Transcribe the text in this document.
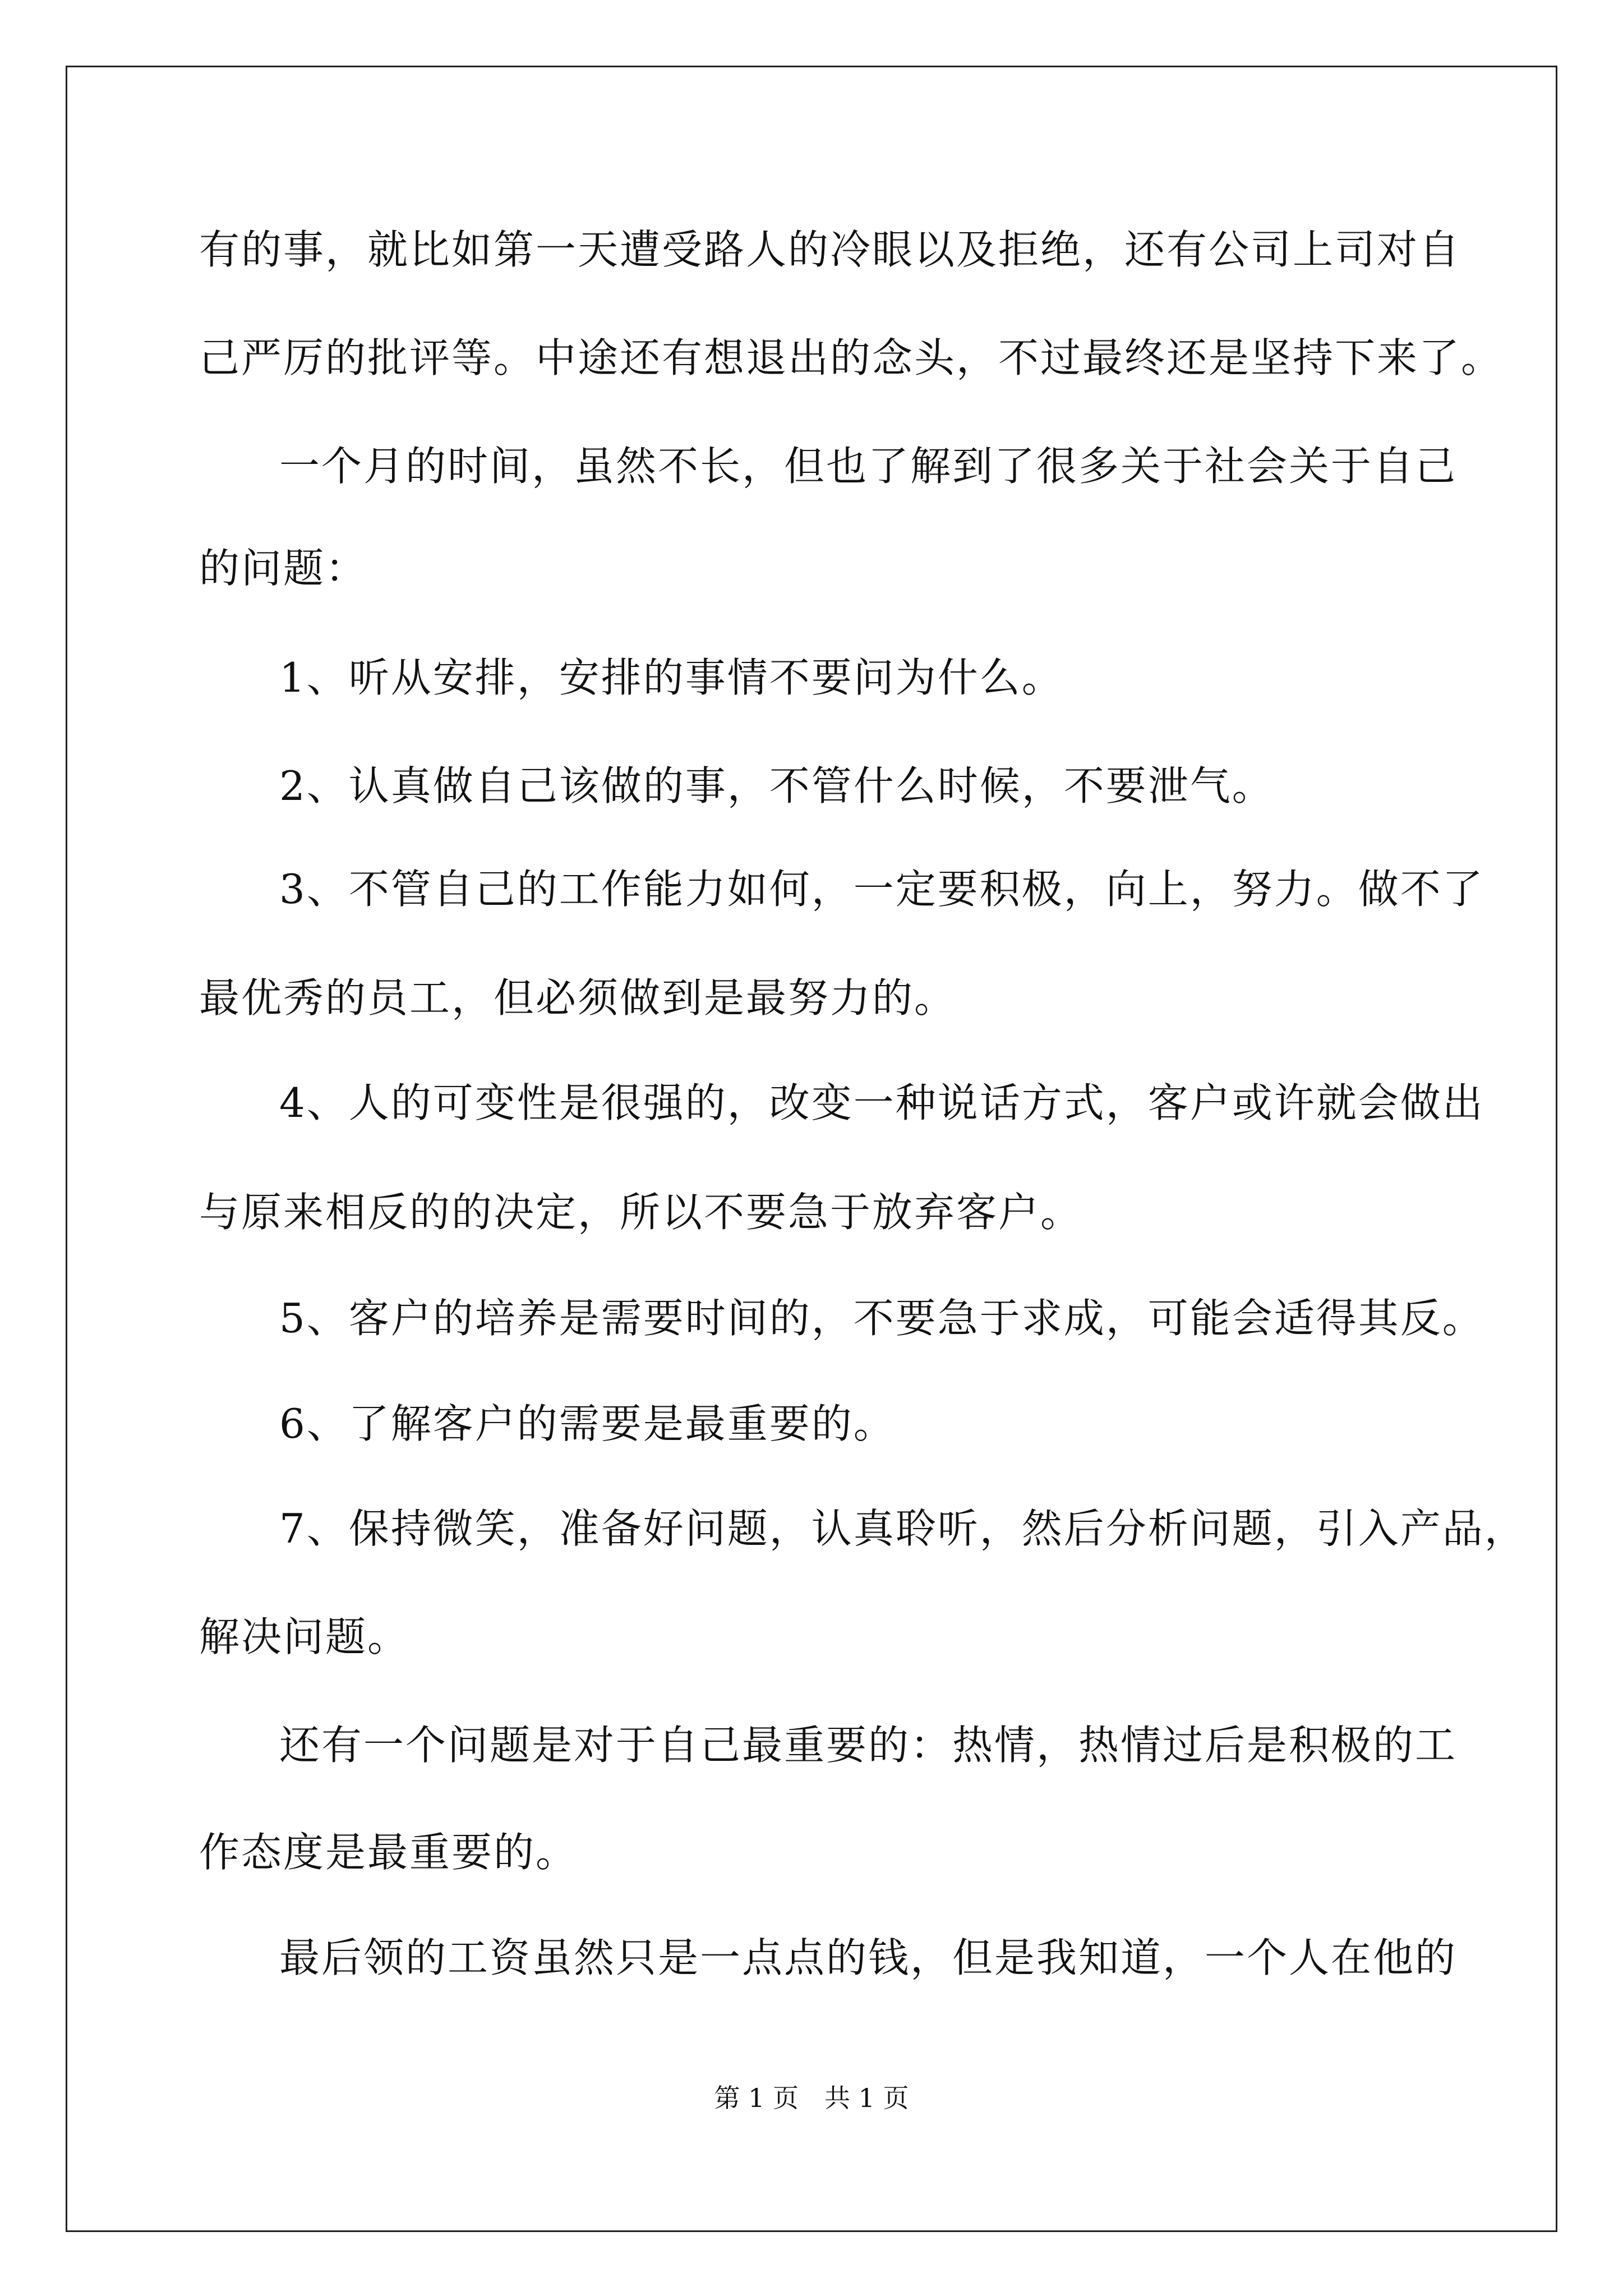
有的事，就比如第一天遭受路人的冷眼以及拒绝，还有公司上司对自
己严厉的批评等。中途还有想退出的念头，不过最终还是坚持下来了。
一个月的时间，虽然不长，但也了解到了很多关于社会关于自己
的问题：
1、听从安排，安排的事情不要问为什么。
2、认真做自己该做的事，不管什么时候，不要泄气。
3、不管自己的工作能力如何，一定要积极，向上，努力。做不了
最优秀的员工，但必须做到是最努力的。
4、人的可变性是很强的，改变一种说话方式，客户或许就会做出
与原来相反的的决定，所以不要急于放弃客户。
5、客户的培养是需要时间的，不要急于求成，可能会适得其反。
6、了解客户的需要是最重要的。
7、保持微笑，准备好问题，认真聆听，然后分析问题，引入产品，
解决问题。
还有一个问题是对于自己最重要的：热情，热情过后是积极的工
作态度是最重要的。
最后领的工资虽然只是一点点的钱，但是我知道，一个人在他的
第 1 页　共 1 页
